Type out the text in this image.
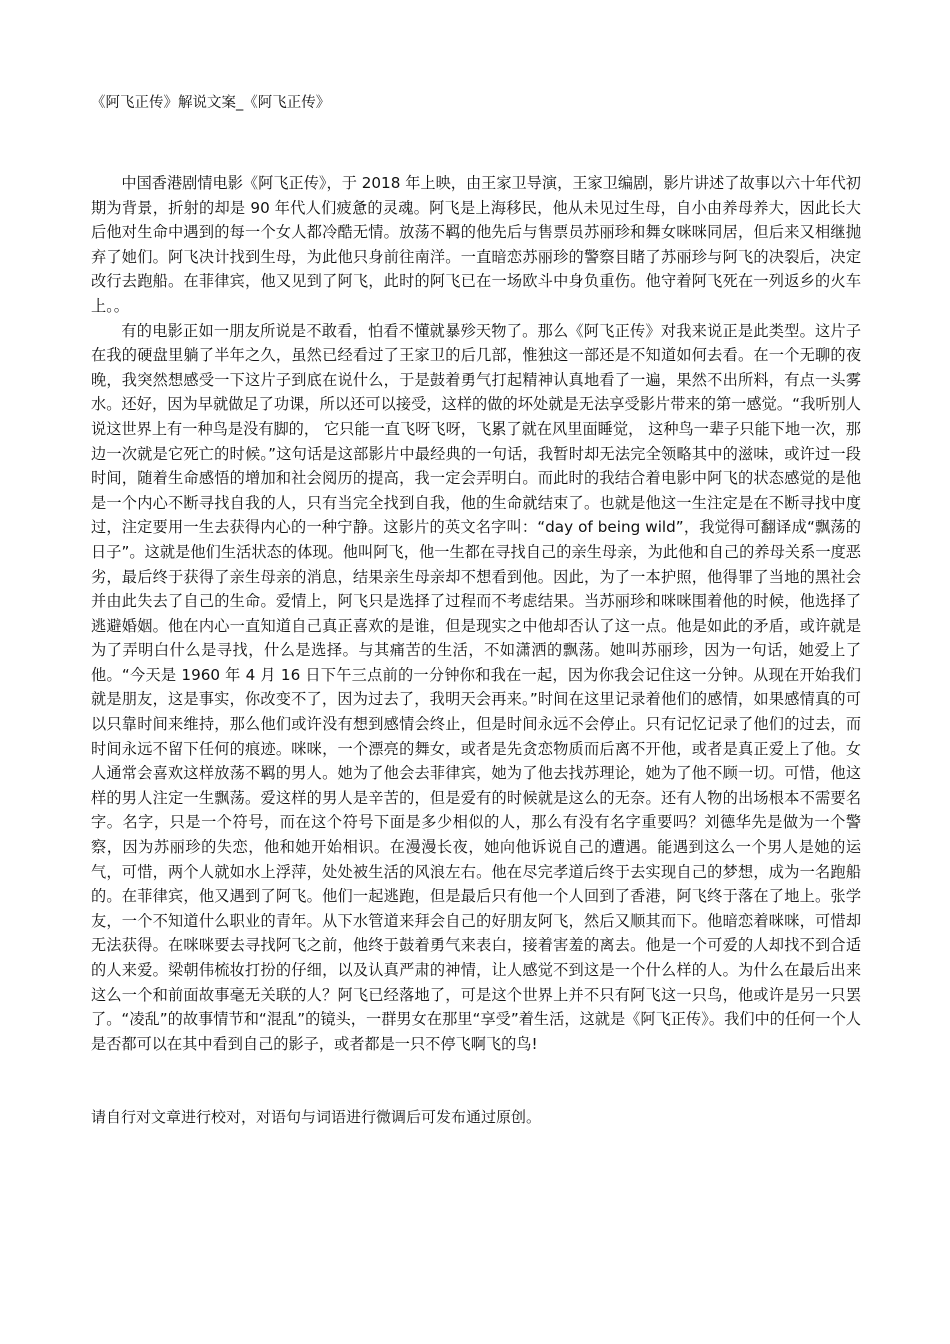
《阿飞正传》解说文案_《阿飞正传》

中国香港剧情电影《阿飞正传》，于 2018 年上映，由王家卫导演，王家卫编剧，影片讲述了故事以六十年代初期为背景，折射的却是 90 年代人们疲惫的灵魂。阿飞是上海移民，他从未见过生母，自小由养母养大，因此长大后他对生命中遇到的每一个女人都冷酷无情。放荡不羁的他先后与售票员苏丽珍和舞女咪咪同居，但后来又相继抛弃了她们。阿飞决计找到生母，为此他只身前往南洋。一直暗恋苏丽珍的警察目睹了苏丽珍与阿飞的决裂后，决定改行去跑船。在菲律宾，他又见到了阿飞，此时的阿飞已在一场欧斗中身负重伤。他守着阿飞死在一列返乡的火车上。。

有的电影正如一朋友所说是不敢看，怕看不懂就暴殄天物了。那么《阿飞正传》对我来说正是此类型。这片子在我的硬盘里躺了半年之久，虽然已经看过了王家卫的后几部，惟独这一部还是不知道如何去看。在一个无聊的夜晚，我突然想感受一下这片子到底在说什么，于是鼓着勇气打起精神认真地看了一遍，果然不出所料，有点一头雾水。还好，因为早就做足了功课，所以还可以接受，这样的做的坏处就是无法享受影片带来的第一感觉。“我听别人说这世界上有一种鸟是没有脚的， 它只能一直飞呀飞呀，飞累了就在风里面睡觉， 这种鸟一辈子只能下地一次，那边一次就是它死亡的时候。”这句话是这部影片中最经典的一句话，我暂时却无法完全领略其中的滋味，或许过一段时间，随着生命感悟的增加和社会阅历的提高，我一定会弄明白。而此时的我结合着电影中阿飞的状态感觉的是他是一个内心不断寻找自我的人，只有当完全找到自我，他的生命就结束了。也就是他这一生注定是在不断寻找中度过，注定要用一生去获得内心的一种宁静。这影片的英文名字叫：“day of being wild”，我觉得可翻译成“飘荡的日子”。这就是他们生活状态的体现。他叫阿飞，他一生都在寻找自己的亲生母亲，为此他和自己的养母关系一度恶劣，最后终于获得了亲生母亲的消息，结果亲生母亲却不想看到他。因此，为了一本护照，他得罪了当地的黑社会并由此失去了自己的生命。爱情上，阿飞只是选择了过程而不考虑结果。当苏丽珍和咪咪围着他的时候，他选择了逃避婚姻。他在内心一直知道自己真正喜欢的是谁，但是现实之中他却否认了这一点。他是如此的矛盾，或许就是为了弄明白什么是寻找，什么是选择。与其痛苦的生活，不如潇洒的飘荡。她叫苏丽珍，因为一句话，她爱上了他。“今天是 1960 年 4 月 16 日下午三点前的一分钟你和我在一起，因为你我会记住这一分钟。从现在开始我们就是朋友，这是事实，你改变不了，因为过去了，我明天会再来。”时间在这里记录着他们的感情，如果感情真的可以只靠时间来维持，那么他们或许没有想到感情会终止，但是时间永远不会停止。只有记忆记录了他们的过去，而时间永远不留下任何的痕迹。咪咪，一个漂亮的舞女，或者是先贪恋物质而后离不开他，或者是真正爱上了他。女人通常会喜欢这样放荡不羁的男人。她为了他会去菲律宾，她为了他去找苏理论，她为了他不顾一切。可惜，他这样的男人注定一生飘荡。爱这样的男人是辛苦的，但是爱有的时候就是这么的无奈。还有人物的出场根本不需要名字。名字，只是一个符号，而在这个符号下面是多少相似的人，那么有没有名字重要吗？刘德华先是做为一个警察，因为苏丽珍的失恋，他和她开始相识。在漫漫长夜，她向他诉说自己的遭遇。能遇到这么一个男人是她的运气，可惜，两个人就如水上浮萍，处处被生活的风浪左右。他在尽完孝道后终于去实现自己的梦想，成为一名跑船的。在菲律宾，他又遇到了阿飞。他们一起逃跑，但是最后只有他一个人回到了香港，阿飞终于落在了地上。张学友，一个不知道什么职业的青年。从下水管道来拜会自己的好朋友阿飞，然后又顺其而下。他暗恋着咪咪，可惜却无法获得。在咪咪要去寻找阿飞之前，他终于鼓着勇气来表白，接着害羞的离去。他是一个可爱的人却找不到合适的人来爱。梁朝伟梳妆打扮的仔细，以及认真严肃的神情，让人感觉不到这是一个什么样的人。为什么在最后出来这么一个和前面故事毫无关联的人？阿飞已经落地了，可是这个世界上并不只有阿飞这一只鸟，他或许是另一只罢了。“凌乱”的故事情节和“混乱”的镜头，一群男女在那里“享受”着生活，这就是《阿飞正传》。我们中的任何一个人是否都可以在其中看到自己的影子，或者都是一只不停飞啊飞的鸟!

请自行对文章进行校对，对语句与词语进行微调后可发布通过原创。
